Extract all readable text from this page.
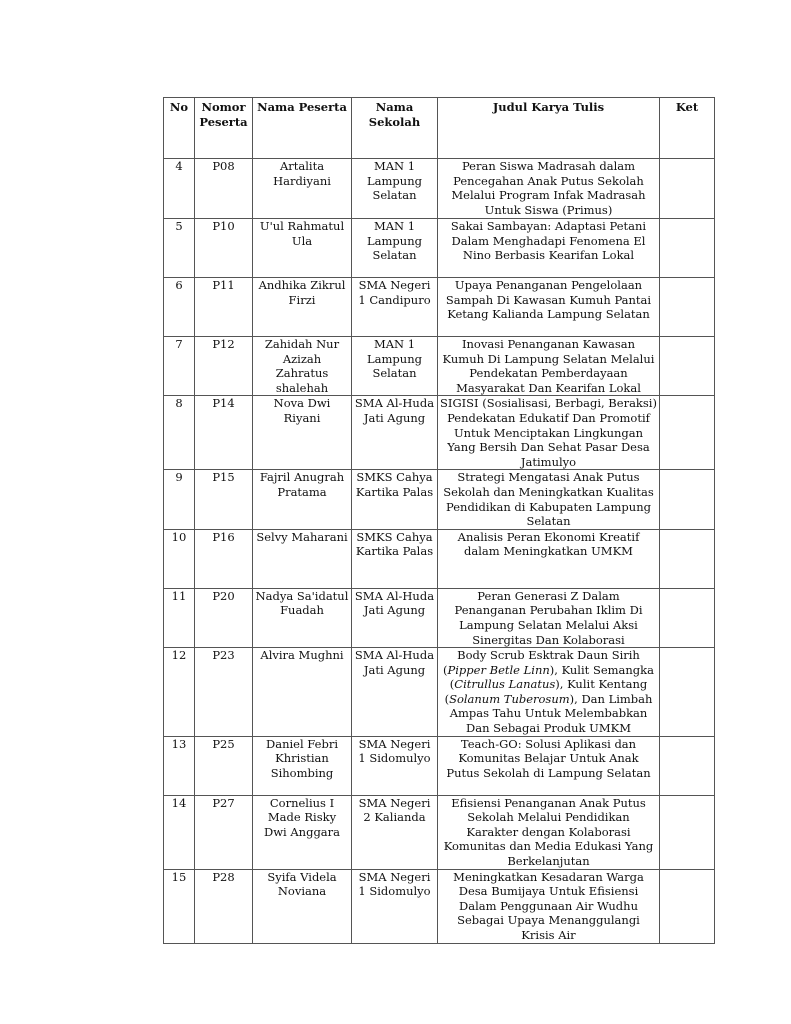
No	Nomor Peserta	Nama Peserta	Nama Sekolah	Judul Karya Tulis	Ket
4	P08	Artalita Hardiyani	MAN 1 Lampung Selatan	Peran Siswa Madrasah dalam Pencegahan Anak Putus Sekolah Melalui Program Infak Madrasah Untuk Siswa (Primus)	
5	P10	U'ul Rahmatul Ula	MAN 1 Lampung Selatan	Sakai Sambayan: Adaptasi Petani Dalam Menghadapi Fenomena El Nino Berbasis Kearifan Lokal	
6	P11	Andhika Zikrul Firzi	SMA Negeri 1 Candipuro	Upaya Penanganan Pengelolaan Sampah Di Kawasan Kumuh Pantai Ketang Kalianda Lampung Selatan	
7	P12	Zahidah Nur Azizah Zahratus shalehah	MAN 1 Lampung Selatan	Inovasi Penanganan Kawasan Kumuh Di Lampung Selatan Melalui Pendekatan Pemberdayaan Masyarakat Dan Kearifan Lokal	
8	P14	Nova Dwi Riyani	SMA Al-Huda Jati Agung	SIGISI (Sosialisasi, Berbagi, Beraksi) Pendekatan Edukatif Dan Promotif Untuk Menciptakan Lingkungan Yang Bersih Dan Sehat Pasar Desa Jatimulyo	
9	P15	Fajril Anugrah Pratama	SMKS Cahya Kartika Palas	Strategi Mengatasi Anak Putus Sekolah dan Meningkatkan Kualitas Pendidikan di Kabupaten Lampung Selatan	
10	P16	Selvy Maharani	SMKS Cahya Kartika Palas	Analisis Peran Ekonomi Kreatif dalam Meningkatkan UMKM	
11	P20	Nadya Sa'idatul Fuadah	SMA Al-Huda Jati Agung	Peran Generasi Z Dalam Penanganan Perubahan Iklim Di Lampung Selatan Melalui Aksi Sinergitas Dan Kolaborasi	
12	P23	Alvira Mughni	SMA Al-Huda Jati Agung	Body Scrub Esktrak Daun Sirih (Pipper Betle Linn), Kulit Semangka (Citrullus Lanatus), Kulit Kentang (Solanum Tuberosum), Dan Limbah Ampas Tahu Untuk Melembabkan Dan Sebagai Produk UMKM	
13	P25	Daniel Febri Khristian Sihombing	SMA Negeri 1 Sidomulyo	Teach-GO: Solusi Aplikasi dan Komunitas Belajar Untuk Anak Putus Sekolah di Lampung Selatan	
14	P27	Cornelius I Made Risky Dwi Anggara	SMA Negeri 2 Kalianda	Efisiensi Penanganan Anak Putus Sekolah Melalui Pendidikan Karakter dengan Kolaborasi Komunitas dan Media Edukasi Yang Berkelanjutan	
15	P28	Syifa Videla Noviana	SMA Negeri 1 Sidomulyo	Meningkatkan Kesadaran Warga Desa Bumijaya Untuk Efisiensi Dalam Penggunaan Air Wudhu Sebagai Upaya Menanggulangi Krisis Air	
